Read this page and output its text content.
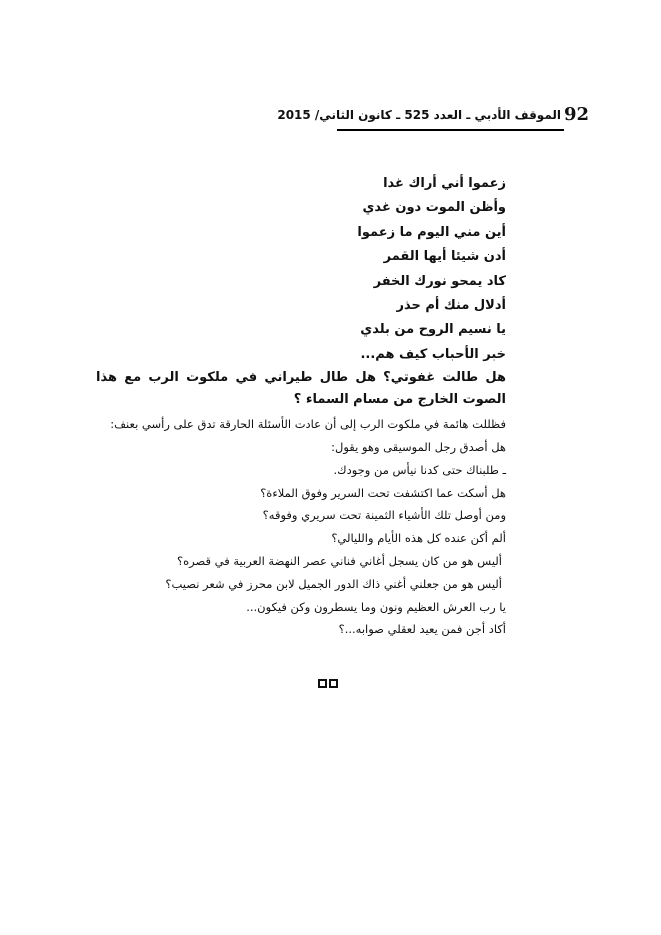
الموقف الأدبي ـ العدد 525 ـ كانون الثاني/ 2015 92

زعموا أني أراك غدا

وأظن الموت دون غدي

أين مني اليوم ما زعموا

أدن شيئا أيها القمر

كاد يمحو نورك الخفر

أدلال منك أم حذر

يا نسيم الروح من بلدي

خبر الأحباب كيف هم...

هل طالت غفوتي؟ هل طال طيراني في ملكوت الرب مع هذا الصوت الخارج من مسام السماء ؟

فظللت هائمة في ملكوت الرب إلى أن عادت الأسئلة الحارقة تدق على رأسي بعنف:

هل أصدق رجل الموسيقى وهو يقول:

ـ طلبناك حتى كدنا نيأس من وجودك.

هل أسكت عما اكتشفت تحت السرير وفوق الملاءة؟

ومن أوصل تلك الأشياء الثمينة تحت سريري وفوقه؟

ألم أكن عنده كل هذه الأيام والليالي؟

أليس هو من كان يسجل أغاني فناني عصر النهضة العربية في قصره؟

أليس هو من جعلني أغني ذاك الدور الجميل لابن محرز في شعر نصيب؟

يا رب العرش العظيم ونون وما يسطرون وكن فيكون...

أكاد أجن فمن يعيد لعقلي صوابه...؟
